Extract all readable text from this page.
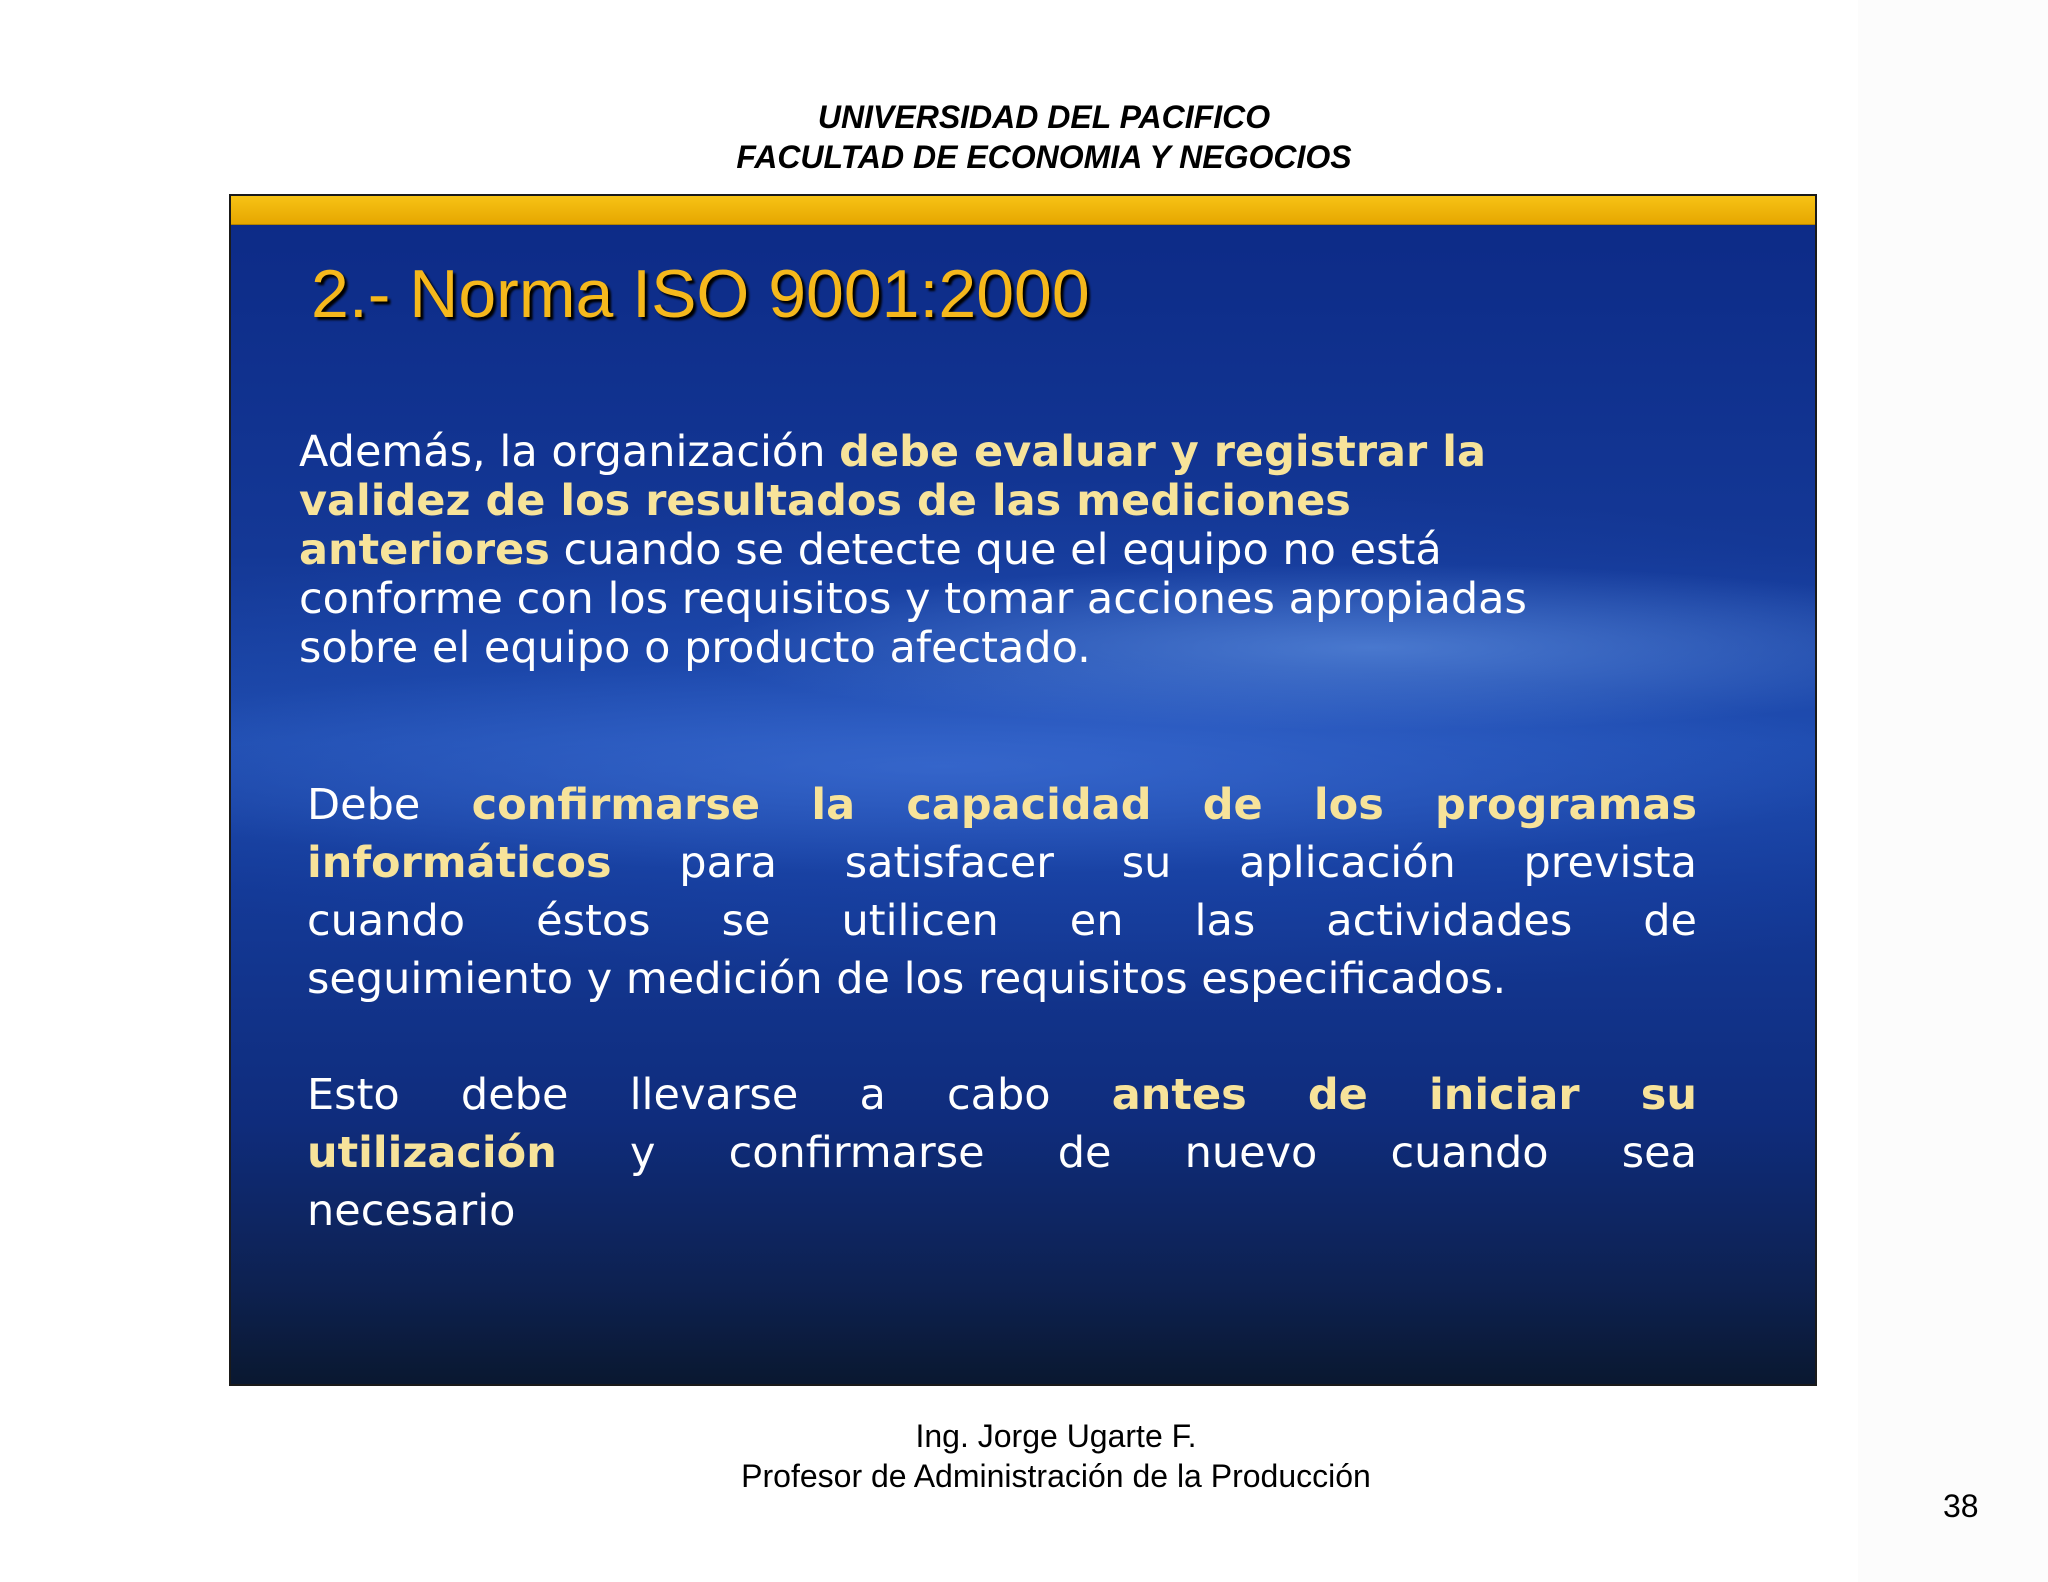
UNIVERSIDAD DEL PACIFICO
FACULTAD DE ECONOMIA Y NEGOCIOS
2.- Norma ISO 9001:2000
Además, la organización debe evaluar y registrar la
validez de los resultados de las mediciones
anteriores cuando se detecte que el equipo no está
conforme con los requisitos y tomar acciones apropiadas
sobre el equipo o producto afectado.
Debe confirmarse la capacidad de los programas
informáticos para satisfacer su aplicación prevista
cuando éstos se utilicen en las actividades de
seguimiento y medición de los requisitos especificados.
Esto debe llevarse a cabo antes de iniciar su
utilización y confirmarse de nuevo cuando sea
necesario
Ing. Jorge Ugarte F.
Profesor de Administración de la Producción
38
